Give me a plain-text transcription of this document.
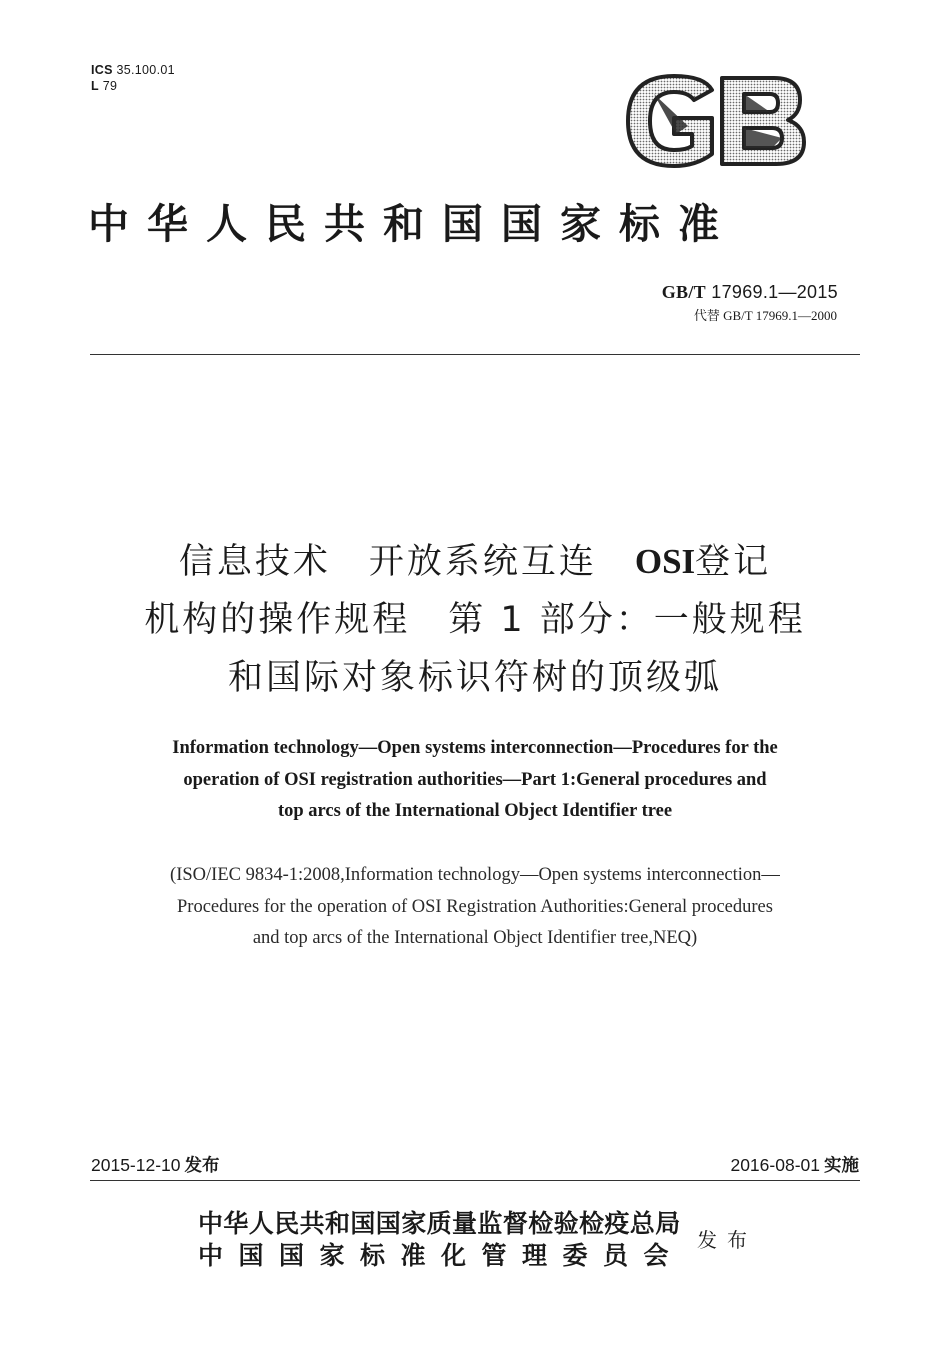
ICS 35.100.01
L 79
中华人民共和国国家标准
GB/T 17969.1—2015
代替 GB/T 17969.1—2000
信息技术　开放系统互连　OSI登记
机构的操作规程　第 1 部分：一般规程
和国际对象标识符树的顶级弧
Information technology—Open systems interconnection—Procedures for the
operation of OSI registration authorities—Part 1:General procedures and
top arcs of the International Object Identifier tree
(ISO/IEC 9834-1:2008,Information technology—Open systems interconnection—
Procedures for the operation of OSI Registration Authorities:General procedures
and top arcs of the International Object Identifier tree,NEQ)
2015-12-10 发布	2016-08-01 实施
中华人民共和国国家质量监督检验检疫总局
中国国家标准化管理委员会
发布
